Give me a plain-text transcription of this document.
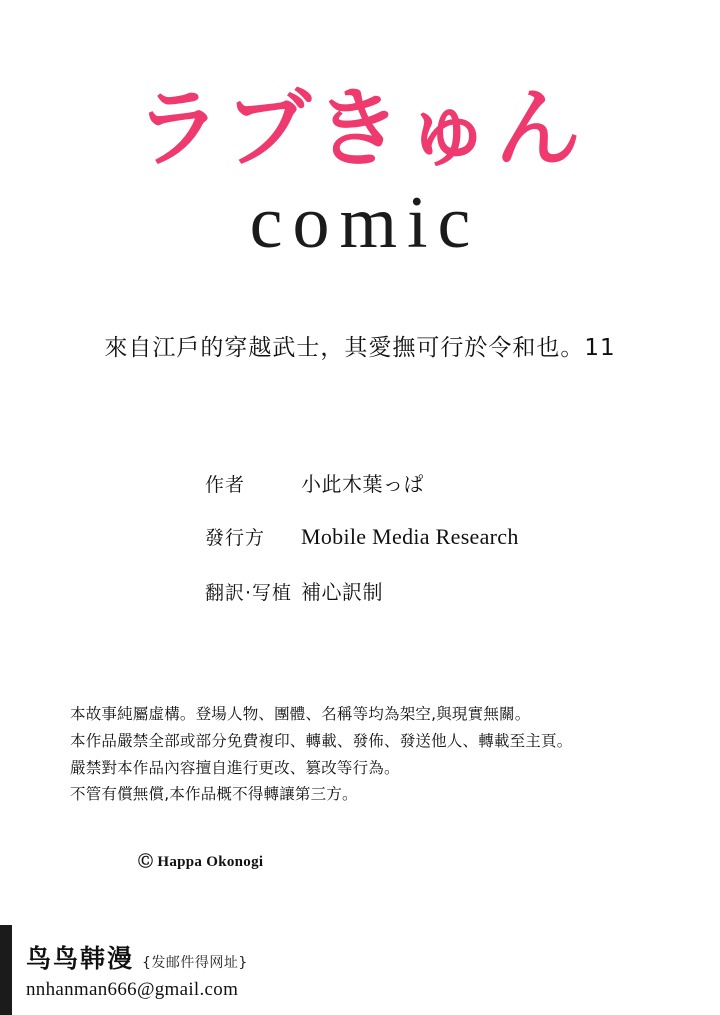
ラブきゅん
comic
來自江戶的穿越武士，其愛撫可行於令和也。11
作者	小此木葉っぱ
發行方	Mobile Media Research
翻訳·写植 補心訳制
本故事純屬虛構。登場人物、團體、名稱等均為架空,與現實無關。
本作品嚴禁全部或部分免費複印、轉載、發佈、發送他人、轉載至主頁。
嚴禁對本作品內容擅自進行更改、篡改等行為。
不管有償無償,本作品概不得轉讓第三方。
Ⓒ Happa Okonogi
鸟鸟韩漫 {发邮件得网址}
nnhanman666@gmail.com
